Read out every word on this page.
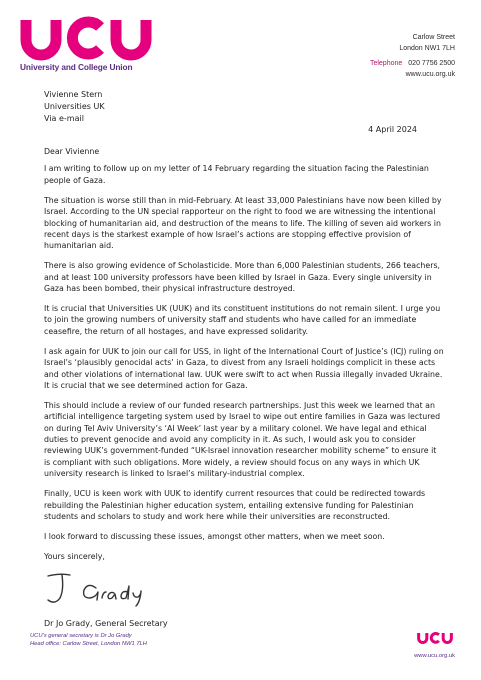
University and College Union
Carlow Street
London NW1 7LH
Telephone 020 7756 2500
www.ucu.org.uk
Vivienne Stern
Universities UK
Via e-mail
4 April 2024

Dear Vivienne

I am writing to follow up on my letter of 14 February regarding the situation facing the Palestinian people of Gaza.

The situation is worse still than in mid-February. At least 33,000 Palestinians have now been killed by Israel. According to the UN special rapporteur on the right to food we are witnessing the intentional blocking of humanitarian aid, and destruction of the means to life. The killing of seven aid workers in recent days is the starkest example of how Israel’s actions are stopping effective provision of humanitarian aid.

There is also growing evidence of Scholasticide. More than 6,000 Palestinian students, 266 teachers, and at least 100 university professors have been killed by Israel in Gaza. Every single university in Gaza has been bombed, their physical infrastructure destroyed.

It is crucial that Universities UK (UUK) and its constituent institutions do not remain silent. I urge you to join the growing numbers of university staff and students who have called for an immediate ceasefire, the return of all hostages, and have expressed solidarity.

I ask again for UUK to join our call for USS, in light of the International Court of Justice’s (ICJ) ruling on Israel’s ‘plausibly genocidal acts’ in Gaza, to divest from any Israeli holdings complicit in these acts and other violations of international law. UUK were swift to act when Russia illegally invaded Ukraine. It is crucial that we see determined action for Gaza.

This should include a review of our funded research partnerships. Just this week we learned that an artificial intelligence targeting system used by Israel to wipe out entire families in Gaza was lectured on during Tel Aviv University’s ‘AI Week’ last year by a military colonel. We have legal and ethical duties to prevent genocide and avoid any complicity in it. As such, I would ask you to consider reviewing UUK’s government-funded “UK-Israel innovation researcher mobility scheme” to ensure it is compliant with such obligations. More widely, a review should focus on any ways in which UK university research is linked to Israel’s military-industrial complex.

Finally, UCU is keen work with UUK to identify current resources that could be redirected towards rebuilding the Palestinian higher education system, entailing extensive funding for Palestinian students and scholars to study and work here while their universities are reconstructed.

I look forward to discussing these issues, amongst other matters, when we meet soon.

Yours sincerely,

Dr Jo Grady, General Secretary
UCU’s general secretary is Dr Jo Grady
Head office: Carlow Street, London NW1 7LH
www.ucu.org.uk
